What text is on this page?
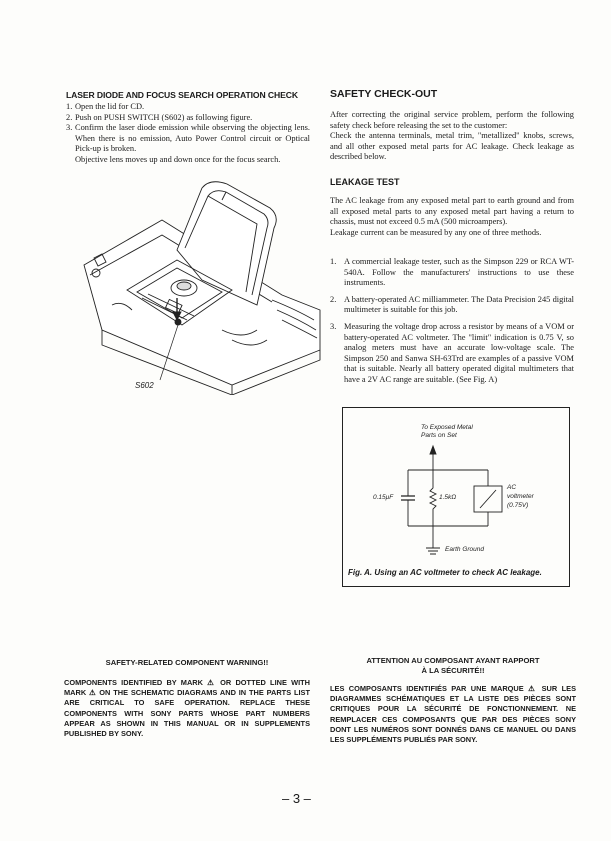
LASER DIODE AND FOCUS SEARCH OPERATION CHECK
1. Open the lid for CD.
2. Push on PUSH SWITCH (S602) as following figure.
3. Confirm the laser diode emission while observing the objecting lens. When there is no emission, Auto Power Control circuit or Optical Pick-up is broken.
Objective lens moves up and down once for the focus search.
S602
SAFETY CHECK-OUT
After correcting the original service problem, perform the following safety check before releasing the set to the customer:
Check the antenna terminals, metal trim, "metallized" knobs, screws, and all other exposed metal parts for AC leakage. Check leakage as described below.
LEAKAGE TEST
The AC leakage from any exposed metal part to earth ground and from all exposed metal parts to any exposed metal part having a return to chassis, must not exceed 0.5 mA (500 microampers).
Leakage current can be measured by any one of three methods.
1. A commercial leakage tester, such as the Simpson 229 or RCA WT-540A. Follow the manufacturers' instructions to use these instruments.
2. A battery-operated AC milliammeter. The Data Precision 245 digital multimeter is suitable for this job.
3. Measuring the voltage drop across a resistor by means of a VOM or battery-operated AC voltmeter. The "limit" indication is 0.75 V, so analog meters must have an accurate low-voltage scale. The Simpson 250 and Sanwa SH-63Trd are examples of a passive VOM that is suitable. Nearly all battery operated digital multimeters that have a 2V AC range are suitable. (See Fig. A)
To Exposed Metal
Parts on Set
0.15μF	1.5kΩ
AC
voltmeter
(0.75V)
Earth Ground
Fig. A. Using an AC voltmeter to check AC leakage.
SAFETY-RELATED COMPONENT WARNING!!
COMPONENTS IDENTIFIED BY MARK ⚠ OR DOTTED LINE WITH MARK ⚠ ON THE SCHEMATIC DIAGRAMS AND IN THE PARTS LIST ARE CRITICAL TO SAFE OPERATION. REPLACE THESE COMPONENTS WITH SONY PARTS WHOSE PART NUMBERS APPEAR AS SHOWN IN THIS MANUAL OR IN SUPPLEMENTS PUBLISHED BY SONY.
ATTENTION AU COMPOSANT AYANT RAPPORT
À LA SÉCURITÉ!!
LES COMPOSANTS IDENTIFIÉS PAR UNE MARQUE ⚠ SUR LES DIAGRAMMES SCHÉMATIQUES ET LA LISTE DES PIÈCES SONT CRITIQUES POUR LA SÉCURITÉ DE FONCTIONNEMENT. NE REMPLACER CES COMPOSANTS QUE PAR DES PIÈCES SONY DONT LES NUMÉROS SONT DONNÉS DANS CE MANUEL OU DANS LES SUPPLÉMENTS PUBLIÉS PAR SONY.
– 3 –
